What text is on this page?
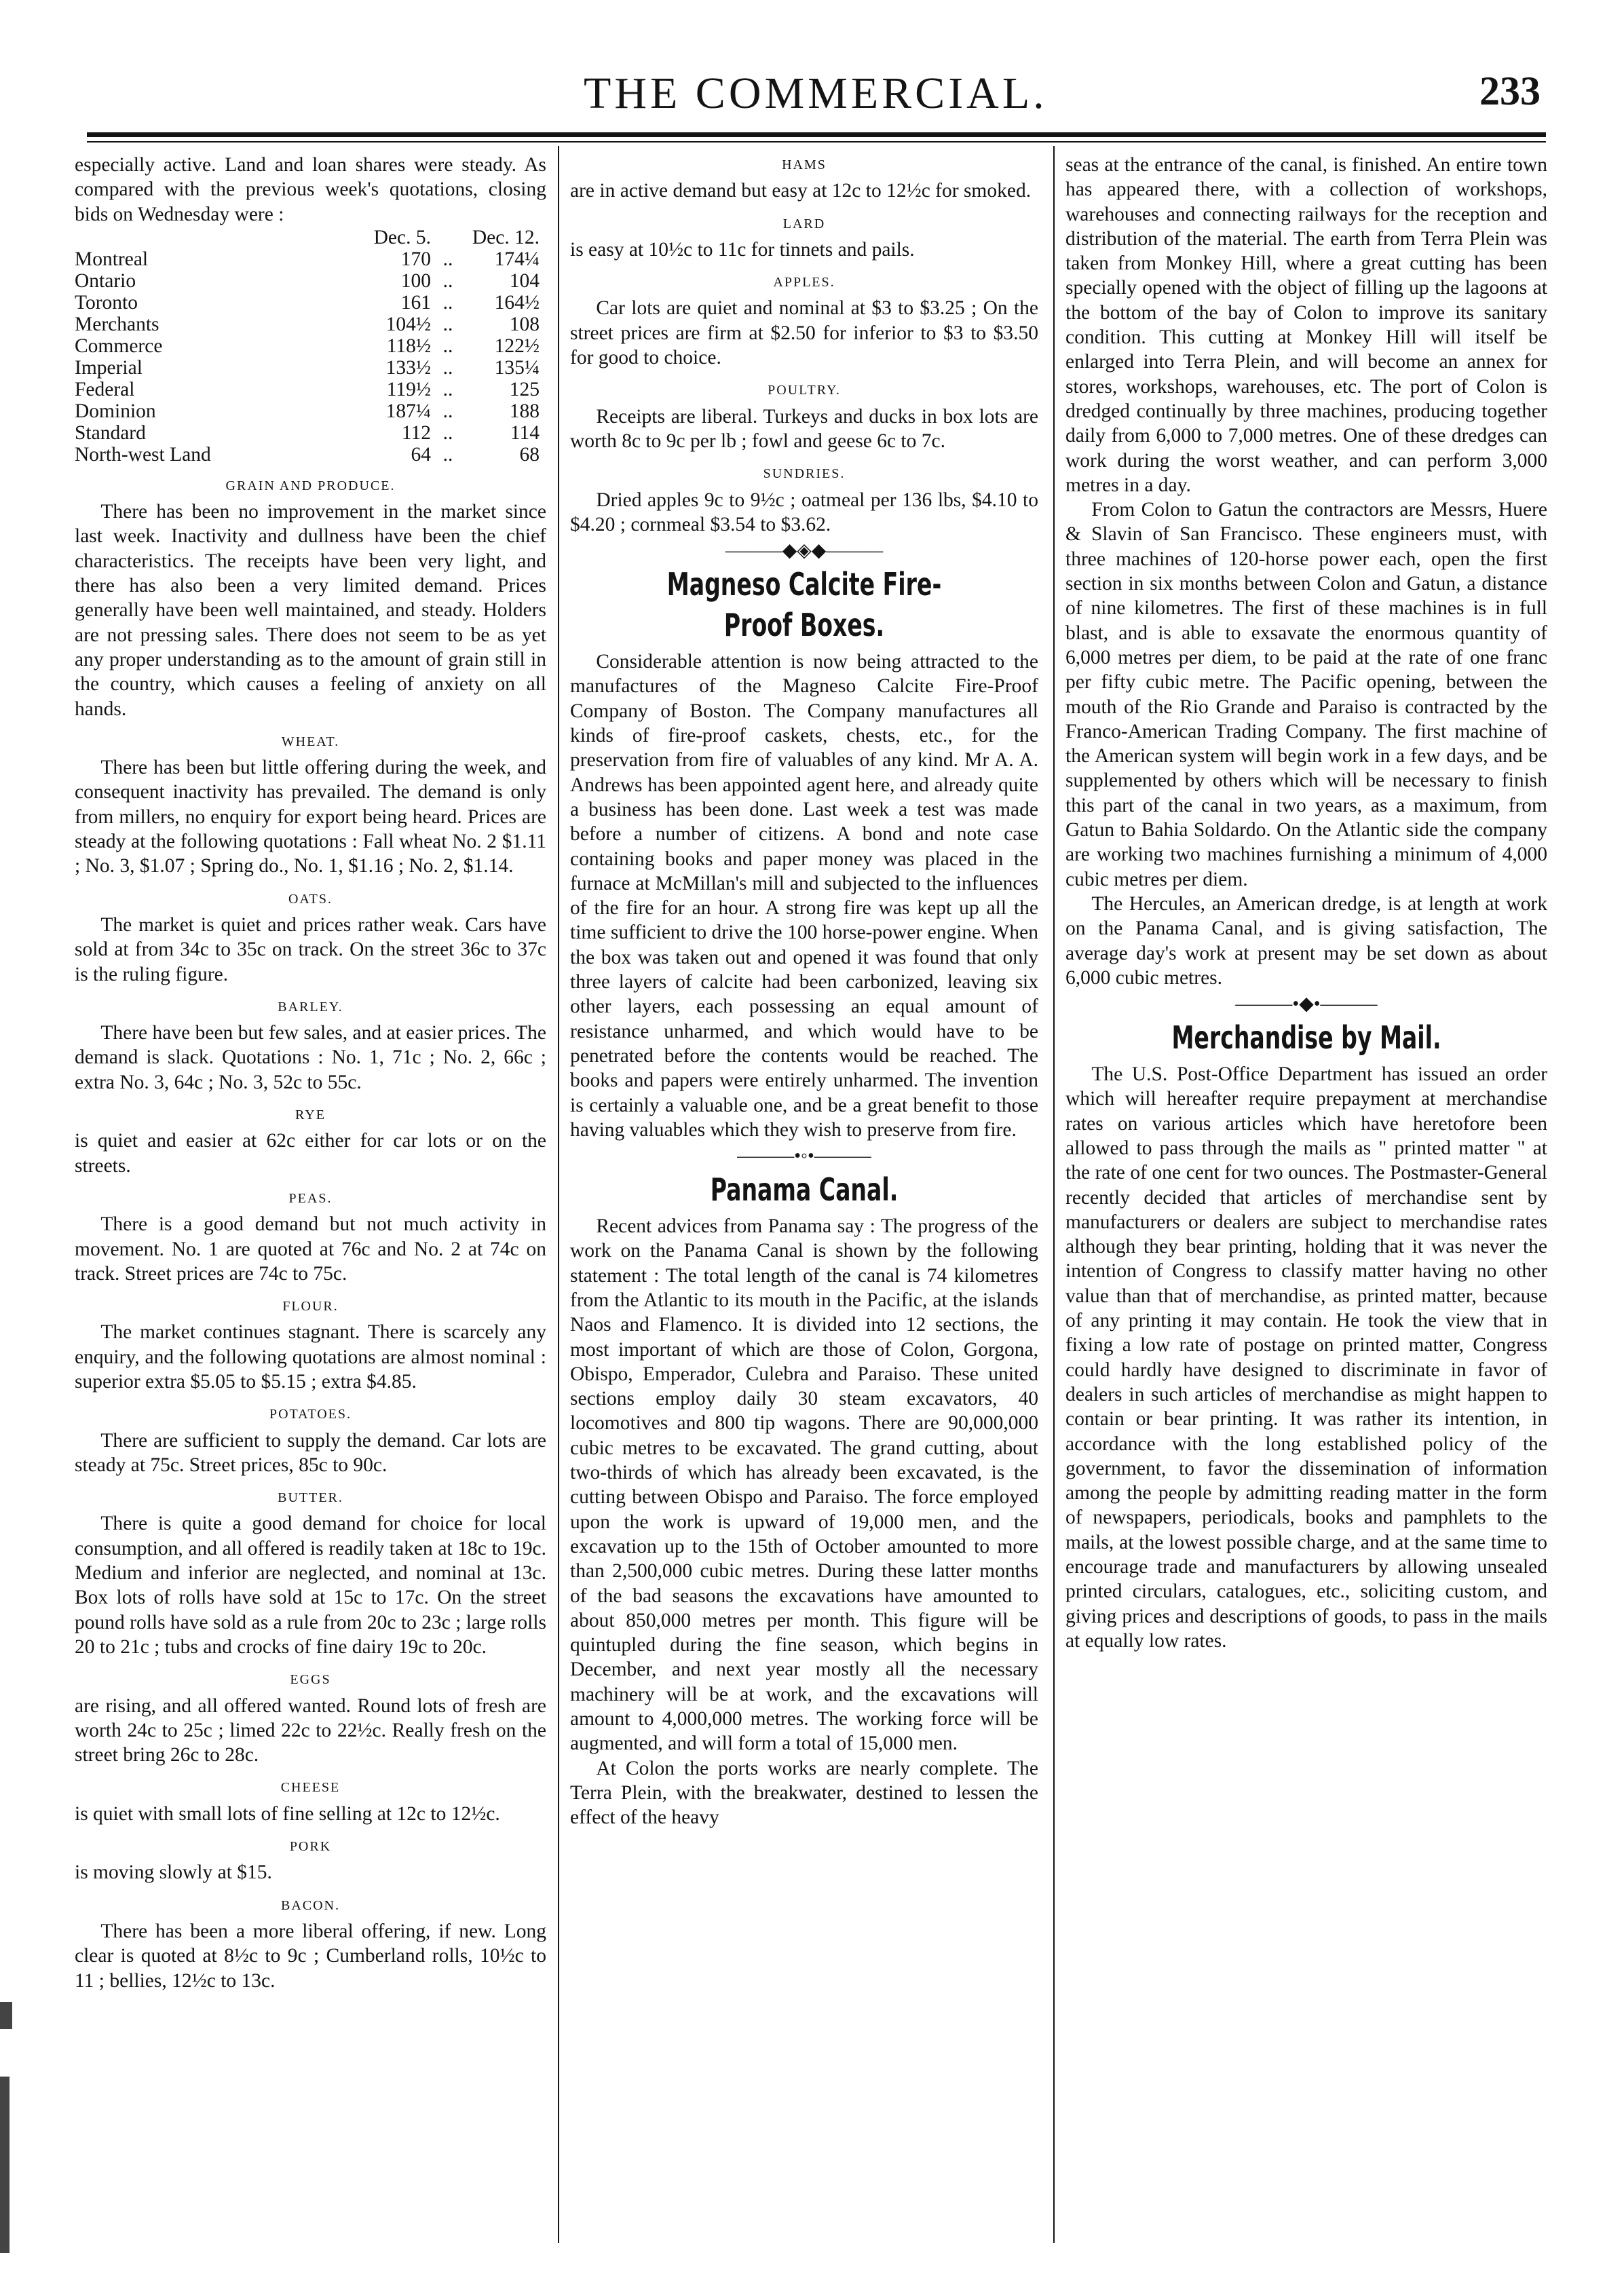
THE COMMERCIAL.	233

especially active. Land and loan shares were steady. As compared with the previous week's quotations, closing bids on Wednesday were :

	Dec. 5.		Dec. 12.
Montreal	170	..	174¼
Ontario	100	..	104
Toronto	161	..	164½
Merchants	104½	..	108
Commerce	118½	..	122½
Imperial	133½	..	135¼
Federal	119½	..	125
Dominion	187¼	..	188
Standard	112	..	114
North-west Land	64	..	68
GRAIN AND PRODUCE.

There has been no improvement in the market since last week. Inactivity and dullness have been the chief characteristics. The receipts have been very light, and there has also been a very limited demand. Prices generally have been well maintained, and steady. Holders are not pressing sales. There does not seem to be as yet any proper understanding as to the amount of grain still in the country, which causes a feeling of anxiety on all hands.

WHEAT.

There has been but little offering during the week, and consequent inactivity has prevailed. The demand is only from millers, no enquiry for export being heard. Prices are steady at the following quotations : Fall wheat No. 2 $1.11 ; No. 3, $1.07 ; Spring do., No. 1, $1.16 ; No. 2, $1.14.

OATS.

The market is quiet and prices rather weak. Cars have sold at from 34c to 35c on track. On the street 36c to 37c is the ruling figure.

BARLEY.

There have been but few sales, and at easier prices. The demand is slack. Quotations : No. 1, 71c ; No. 2, 66c ; extra No. 3, 64c ; No. 3, 52c to 55c.

RYE

is quiet and easier at 62c either for car lots or on the streets.

PEAS.

There is a good demand but not much activity in movement. No. 1 are quoted at 76c and No. 2 at 74c on track. Street prices are 74c to 75c.

FLOUR.

The market continues stagnant. There is scarcely any enquiry, and the following quotations are almost nominal : superior extra $5.05 to $5.15 ; extra $4.85.

POTATOES.

There are sufficient to supply the demand. Car lots are steady at 75c. Street prices, 85c to 90c.

BUTTER.

There is quite a good demand for choice for local consumption, and all offered is readily taken at 18c to 19c. Medium and inferior are neglected, and nominal at 13c. Box lots of rolls have sold at 15c to 17c. On the street pound rolls have sold as a rule from 20c to 23c ; large rolls 20 to 21c ; tubs and crocks of fine dairy 19c to 20c.

EGGS

are rising, and all offered wanted. Round lots of fresh are worth 24c to 25c ; limed 22c to 22½c. Really fresh on the street bring 26c to 28c.

CHEESE

is quiet with small lots of fine selling at 12c to 12½c.

PORK

is moving slowly at $15.

BACON.

There has been a more liberal offering, if new. Long clear is quoted at 8½c to 9c ; Cumberland rolls, 10½c to 11 ; bellies, 12½c to 13c.

HAMS

are in active demand but easy at 12c to 12½c for smoked.

LARD

is easy at 10½c to 11c for tinnets and pails.

APPLES.

Car lots are quiet and nominal at $3 to $3.25 ; On the street prices are firm at $2.50 for inferior to $3 to $3.50 for good to choice.

POULTRY.

Receipts are liberal. Turkeys and ducks in box lots are worth 8c to 9c per lb ; fowl and geese 6c to 7c.

SUNDRIES.

Dried apples 9c to 9½c ; oatmeal per 136 lbs, $4.10 to $4.20 ; cornmeal $3.54 to $3.62.

———◆◈◆———
Magneso Calcite Fire-Proof Boxes.

Considerable attention is now being attracted to the manufactures of the Magneso Calcite Fire-Proof Company of Boston. The Company manufactures all kinds of fire-proof caskets, chests, etc., for the preservation from fire of valuables of any kind. Mr A. A. Andrews has been appointed agent here, and already quite a business has been done. Last week a test was made before a number of citizens. A bond and note case containing books and paper money was placed in the furnace at McMillan's mill and subjected to the influences of the fire for an hour. A strong fire was kept up all the time sufficient to drive the 100 horse-power engine. When the box was taken out and opened it was found that only three layers of calcite had been carbonized, leaving six other layers, each possessing an equal amount of resistance unharmed, and which would have to be penetrated before the contents would be reached. The books and papers were entirely unharmed. The invention is certainly a valuable one, and be a great benefit to those having valuables which they wish to preserve from fire.

———•◦•———
Panama Canal.

Recent advices from Panama say : The progress of the work on the Panama Canal is shown by the following statement : The total length of the canal is 74 kilometres from the Atlantic to its mouth in the Pacific, at the islands Naos and Flamenco. It is divided into 12 sections, the most important of which are those of Colon, Gorgona, Obispo, Emperador, Culebra and Paraiso. These united sections employ daily 30 steam excavators, 40 locomotives and 800 tip wagons. There are 90,000,000 cubic metres to be excavated. The grand cutting, about two-thirds of which has already been excavated, is the cutting between Obispo and Paraiso. The force employed upon the work is upward of 19,000 men, and the excavation up to the 15th of October amounted to more than 2,500,000 cubic metres. During these latter months of the bad seasons the excavations have amounted to about 850,000 metres per month. This figure will be quintupled during the fine season, which begins in December, and next year mostly all the necessary machinery will be at work, and the excavations will amount to 4,000,000 metres. The working force will be augmented, and will form a total of 15,000 men.

At Colon the ports works are nearly complete. The Terra Plein, with the breakwater, destined to lessen the effect of the heavy

seas at the entrance of the canal, is finished. An entire town has appeared there, with a collection of workshops, warehouses and connecting railways for the reception and distribution of the material. The earth from Terra Plein was taken from Monkey Hill, where a great cutting has been specially opened with the object of filling up the lagoons at the bottom of the bay of Colon to improve its sanitary condition. This cutting at Monkey Hill will itself be enlarged into Terra Plein, and will become an annex for stores, workshops, warehouses, etc. The port of Colon is dredged continually by three machines, producing together daily from 6,000 to 7,000 metres. One of these dredges can work during the worst weather, and can perform 3,000 metres in a day.

From Colon to Gatun the contractors are Messrs, Huere & Slavin of San Francisco. These engineers must, with three machines of 120-horse power each, open the first section in six months between Colon and Gatun, a distance of nine kilometres. The first of these machines is in full blast, and is able to exsavate the enormous quantity of 6,000 metres per diem, to be paid at the rate of one franc per fifty cubic metre. The Pacific opening, between the mouth of the Rio Grande and Paraiso is contracted by the Franco-American Trading Company. The first machine of the American system will begin work in a few days, and be supplemented by others which will be necessary to finish this part of the canal in two years, as a maximum, from Gatun to Bahia Soldardo. On the Atlantic side the company are working two machines furnishing a minimum of 4,000 cubic metres per diem.

The Hercules, an American dredge, is at length at work on the Panama Canal, and is giving satisfaction, The average day's work at present may be set down as about 6,000 cubic metres.

———•◆•———
Merchandise by Mail.

The U.S. Post-Office Department has issued an order which will hereafter require prepayment at merchandise rates on various articles which have heretofore been allowed to pass through the mails as " printed matter " at the rate of one cent for two ounces. The Postmaster-General recently decided that articles of merchandise sent by manufacturers or dealers are subject to merchandise rates although they bear printing, holding that it was never the intention of Congress to classify matter having no other value than that of merchandise, as printed matter, because of any printing it may contain. He took the view that in fixing a low rate of postage on printed matter, Congress could hardly have designed to discriminate in favor of dealers in such articles of merchandise as might happen to contain or bear printing. It was rather its intention, in accordance with the long established policy of the government, to favor the dissemination of information among the people by admitting reading matter in the form of newspapers, periodicals, books and pamphlets to the mails, at the lowest possible charge, and at the same time to encourage trade and manufacturers by allowing unsealed printed circulars, catalogues, etc., soliciting custom, and giving prices and descriptions of goods, to pass in the mails at equally low rates.
